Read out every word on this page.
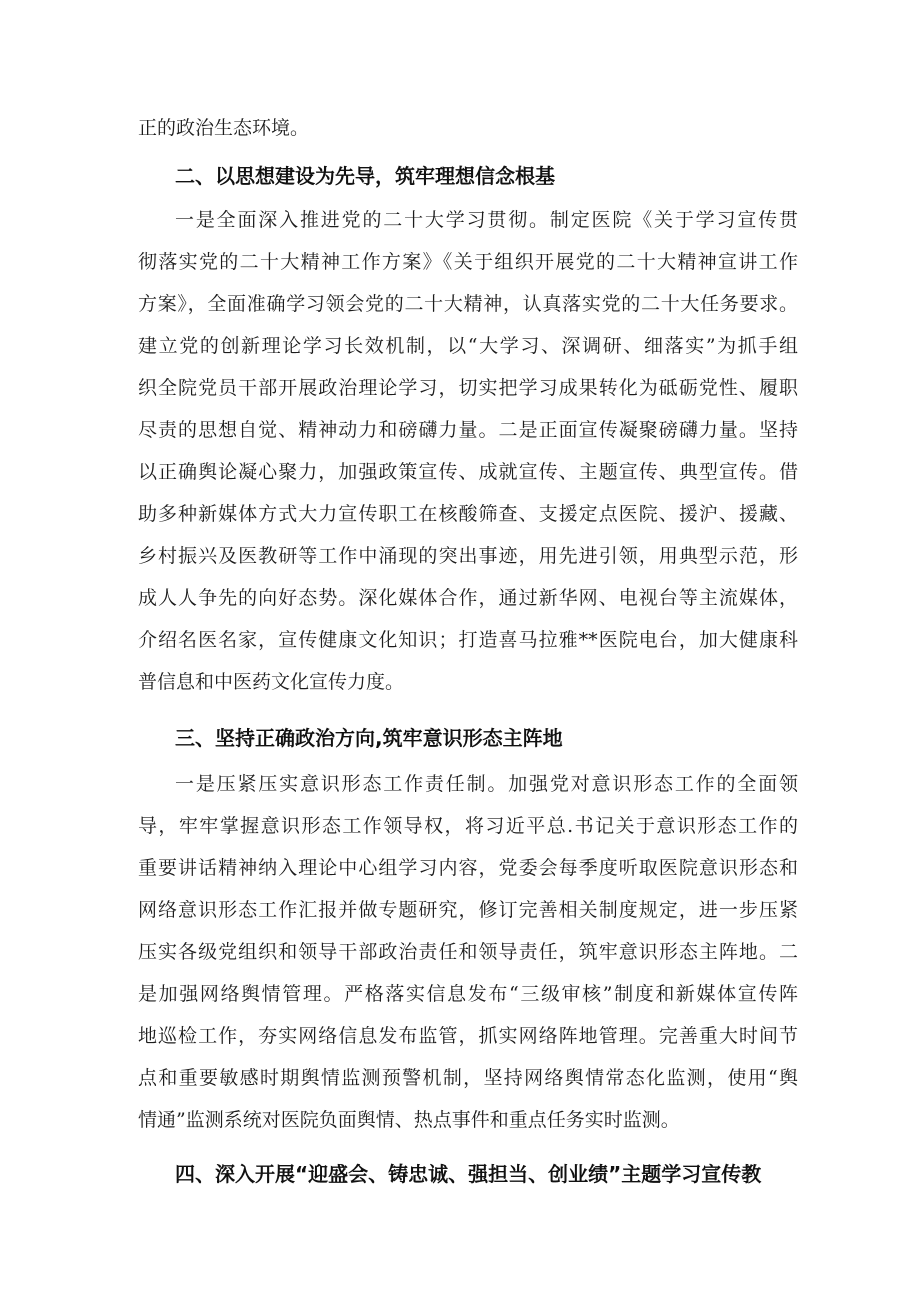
正的政治生态环境。
二、以思想建设为先导，筑牢理想信念根基
一是全面深入推进党的二十大学习贯彻。制定医院《关于学习宣传贯
彻落实党的二十大精神工作方案》《关于组织开展党的二十大精神宣讲工作
方案》，全面准确学习领会党的二十大精神，认真落实党的二十大任务要求。
建立党的创新理论学习长效机制，以“大学习、深调研、细落实”为抓手组
织全院党员干部开展政治理论学习，切实把学习成果转化为砥砺党性、履职
尽责的思想自觉、精神动力和磅礴力量。二是正面宣传凝聚磅礴力量。坚持
以正确舆论凝心聚力，加强政策宣传、成就宣传、主题宣传、典型宣传。借
助多种新媒体方式大力宣传职工在核酸筛查、支援定点医院、援沪、援藏、
乡村振兴及医教研等工作中涌现的突出事迹，用先进引领，用典型示范，形
成人人争先的向好态势。深化媒体合作，通过新华网、电视台等主流媒体，
介绍名医名家，宣传健康文化知识；打造喜马拉雅**医院电台，加大健康科
普信息和中医药文化宣传力度。
三、坚持正确政治方向,筑牢意识形态主阵地
一是压紧压实意识形态工作责任制。加强党对意识形态工作的全面领
导，牢牢掌握意识形态工作领导权，将习近平总.书记关于意识形态工作的
重要讲话精神纳入理论中心组学习内容，党委会每季度听取医院意识形态和
网络意识形态工作汇报并做专题研究，修订完善相关制度规定，进一步压紧
压实各级党组织和领导干部政治责任和领导责任，筑牢意识形态主阵地。二
是加强网络舆情管理。严格落实信息发布“三级审核”制度和新媒体宣传阵
地巡检工作，夯实网络信息发布监管，抓实网络阵地管理。完善重大时间节
点和重要敏感时期舆情监测预警机制，坚持网络舆情常态化监测，使用“舆
情通”监测系统对医院负面舆情、热点事件和重点任务实时监测。
四、深入开展“迎盛会、铸忠诚、强担当、创业绩”主题学习宣传教
